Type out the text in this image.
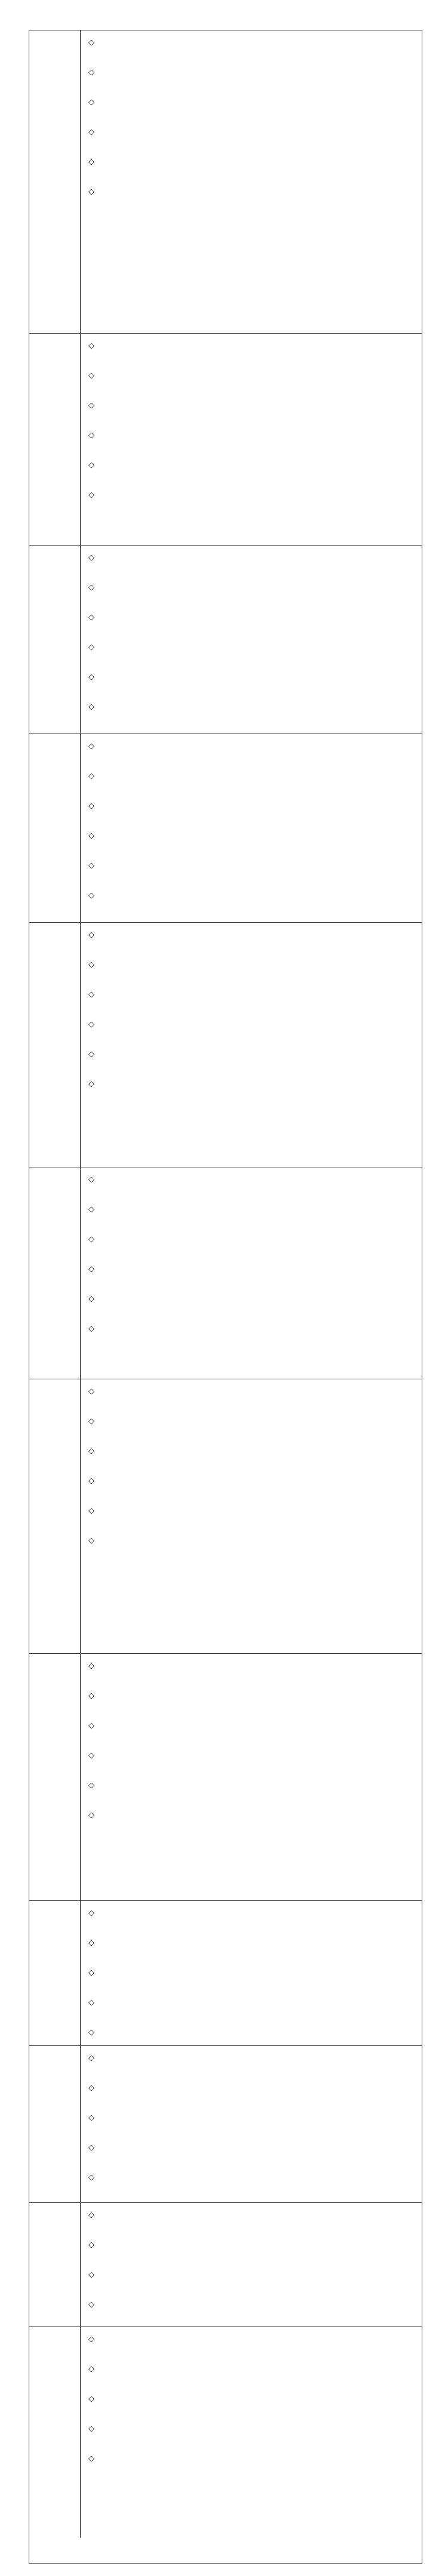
◇
◇
◇
◇
◇
◇
◇
◇
◇
◇
◇
◇
◇
◇
◇
◇
◇
◇
◇
◇
◇
◇
◇
◇
◇
◇
◇
◇
◇
◇
◇
◇
◇
◇
◇
◇
◇
◇
◇
◇
◇
◇
◇
◇
◇
◇
◇
◇
◇
◇
◇
◇
◇
◇
◇
◇
◇
◇
◇
◇
◇
◇
◇
◇
◇
◇
◇
